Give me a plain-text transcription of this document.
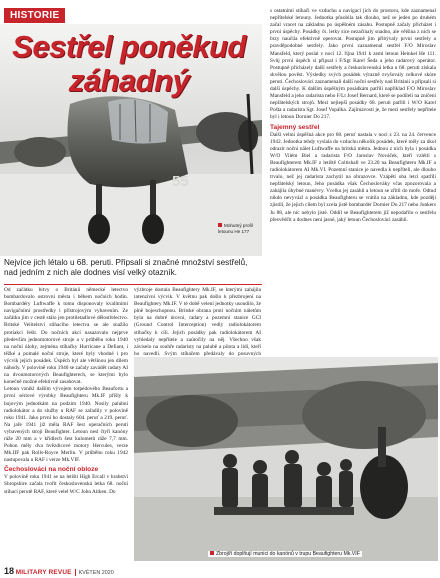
HISTORIE
55
Sestřel poněkud
záhadný
Mohutný profil letounu He 177
Nejvíce jich létalo u 68. peruti. Připsali si značné množství sestřelů, nad jedním z nich ale dodnes visí velký otazník.

Od začátku bitvy o Británii německé letectvo bombardovalo ostrovní města i během nočních hodin. Bombardéry Luftwaffe k tomu disponovaly kvalitními navigačními prostředky i přístrojovým vybavením. Ze začátku jim v cestě stálo jen protiletadlové dělostřelectvo. Britské Velitelství stíhacího letectva se ale snažilo protiakci řešit. Do nočních akcí nasazovalo nejprve především jednomotorové stroje a v průběhu roku 1940 na noční úlohy, zejména stíhačky Hurricane a Defiant, i těžké a pomalé noční stroje, které byly vhodné i pro výcvik jejich posádek. Úspěch byl ale většinou jen dílem náhody. V polovině roku 1940 se začaly zavádět radary AI na dvoumotorových Beaufighterech, se kterými bylo konečně možné efektivně zasahovat.

Letoun vznikl dalším vývojem torpédového Beaufortu a první sériové výrobky Beaufighteru Mk.IF přišly k bojovým jednotkám na podzim 1940. Nosily palubní radiolokátor a do služby u RAF se zařadily v polovině roku 1941. Jako první ho dostaly 604. peruť a 219. peruť. Na jaře 1941 již měla RAF šest operačních perutí vybavených stroji Beaufighter. Letoun nesl čtyři kanóny ráže 20 mm a v křídlech šest kulometů ráže 7,7 mm. Pohon měly dva hvězdicové motory Hercules, verze Mk.IIF pak Rolls-Royce Merlin. V průběhu roku 1942 nastupovala u RAF i verze Mk.VIF.

Čechoslováci na noční obloze

V polovině roku 1941 se na letišti High Ercall v hrabství Shropshire začala tvořit československá letka 68. noční stíhací perutě RAF, které velel W/C John Aitken. Do

výzbroje dostala Beaufightery Mk.IF, se kterými zahájila intenzivní výcvik. V květnu pak došlo k přezbrojení na Beaufightery Mk.IF. V té době velení jednotky usoudilo, že plně bojeschopnou. Britské obrana proti nočním náletům byla na dobré úrovni, radary a pozemní stanice GCI (Ground Control Interception) vedly radiolokátorem stíhačky k cíli. Jejich posádky pak radiolokátorem AI vyhledaly nepřítele a zaútočily na něj. Všechno však záviselo na souhře radaristy na palubě a pilota a lidí, kteří ho navedli. Svým stíhačem předávaly do posuvných

s ostatními stíhači ve vzduchu a navigaci jich do prostoru, kde zaznamenal nepřítelské letouny. Jednotka působila tak dlouho, než se jeden po druhém začal vracet na základnu po úspěšném zásahu. Postupně začaly přicházet i první úspěchy. Posádky čs. letky sice nezačínaly snadno, ale většina z nich se brzy naučila efektivně operovat. Postupně jim přibývaly první sestřely a pravděpodobné sestřely. Jako první zaznamenal sestřel F/O Miroslav Mansfeld, který poslal v noci 12. října 1941 k zemi letoun Heinkel He 111. Svůj první úspěch si připsal i F/Sgt Karel Šeda a jeho radarový operátor. Postupně přicházely další sestřely a československá letka u 68. peruti získala skvělou pověst. Výsledky svých posádek výrazně zvyšovaly celkové skóre peruti. Čechoslováci zaznamenali další noční sestřely nad Británií a připsali si další úspěchy. K dalším úspěšným posádkám patřili například F/O Miroslav Mansfeld a jeho radarista nebo F/Lt Josef Bernard, které se podíleli na zničení nepřátelských strojů. Mezi nejlepší posádky 68. peruti patřili i W/O Karel Pošta a radarista Sgt. Josef Vopálka. Zajímavostí je, že mezi sestřely nepřítele byl i letoun Dornier Do 217.

Tajemný sestřel

Další velmi úspěšná akce pro 68. peruť nastala v noci z 23. na 24. července 1942. Jednotka tehdy vyslala do vzduchu několik posádek, které měly za úkol odrazit noční nálet Luftwaffe na britská města. Jednou z nich byla i posádka W/O Vilém Biel a radarista F/O Jaroslav Nováček, kteří vzlétli s Beaufighterem Mk.IF z letiště Coltishall ve 23.20 na Beaufighteru Mk.IF a radiolokátorem AI Mk.VI. Pozemní stanice je navedla k nepříteli, ale dlouho trvalo, než jej radarista zachytil na obrazovce. Vzápětí oba letci spatřili nepřátelský letoun, Jeho posádka však Čechoslováky včas zpozorovala a zahájila úhybné manévry. Vcelku jej zasáhli a letoun se zřítil do moře. Odtud nikdo nevyvázl a posádka Beaufighteru se vrátila na základnu, kde později zjistili, že jejich cílem byl zcela jistě bombardér Dornier Do 217 nebo Junkers Ju 88, ale nic nebylo jisté. Oddíl se Beaufighterem již nepodařilo o sestřelu přesvědčit a dodnes není jasné, jaký letoun Čechoslováci zasáhli.

Zbrojíři doplňují munici do kanónů v trupu Beaufighteru Mk.VIF
18 MILITARY REVUE KVĚTEN 2020
